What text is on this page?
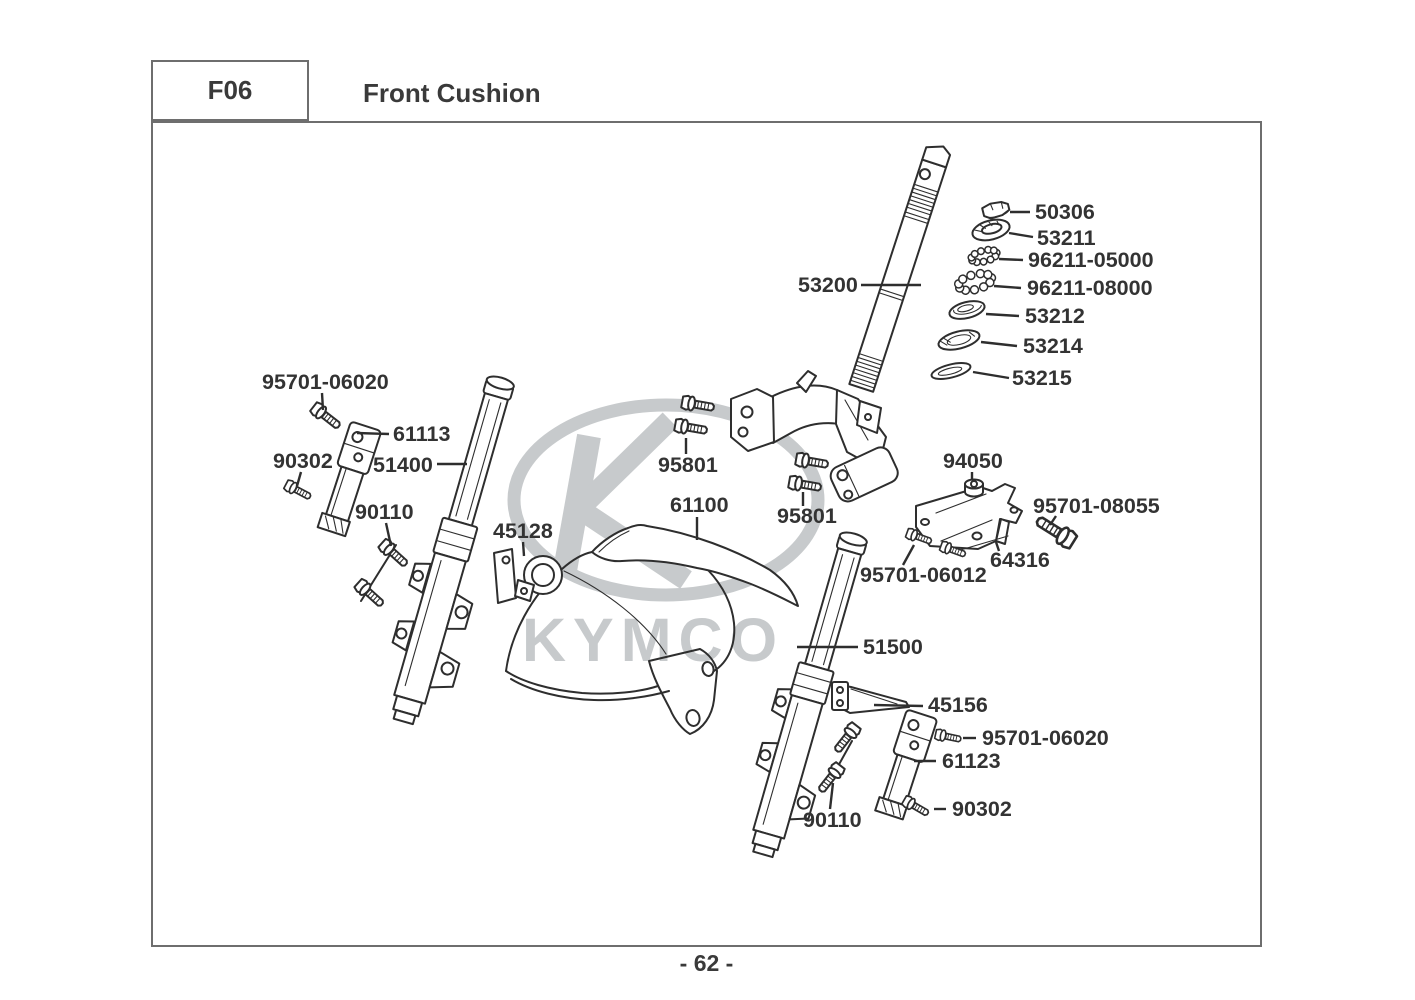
F06	Front Cushion
KYMCO
50306
53211
96211-05000
96211-08000
53212
53214
53215
53200
95701-06020
61113
90302 51400
90110
45128
95801
61100 95801
94050
95701-08055
64316
95701-06012
51500
45156
95701-06020
61123
90302
90110
- 62 -
